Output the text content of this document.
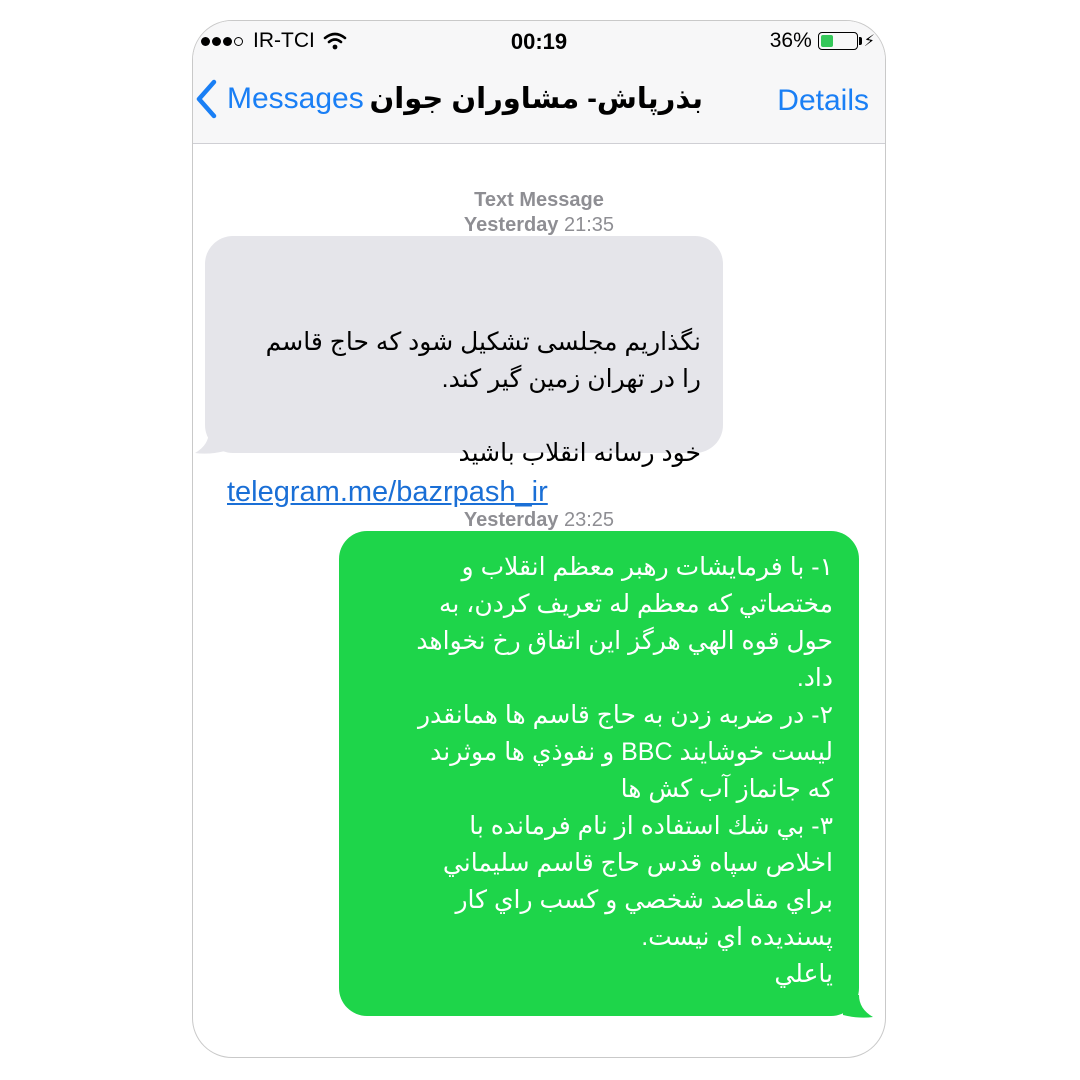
IR-TCI	00:19	36%	⚡
Messages بذرپاش- مشاوران جوان Details
Text Message
Yesterday 21:35

نگذاریم مجلسی تشکیل شود که حاج قاسم
را در تهران زمین گیر کند.

خود رسانه انقلاب باشید
telegram.me/bazrpash_ir

Yesterday 23:25
۱- با فرمایشات رهبر معظم انقلاب و
مختصاتي كه معظم له تعريف كردن، به
حول قوه الهي هرگز اين اتفاق رخ نخواهد
داد.
۲- در ضربه زدن به حاج قاسم ها همانقدر
ليست خوشايند BBC و نفوذي ها موثرند
كه جانماز آب كش ها
۳- بي شك استفاده از نام فرمانده با
اخلاص سپاه قدس حاج قاسم سليماني
براي مقاصد شخصي و كسب راي كار
پسنديده اي نيست.
ياعلي
